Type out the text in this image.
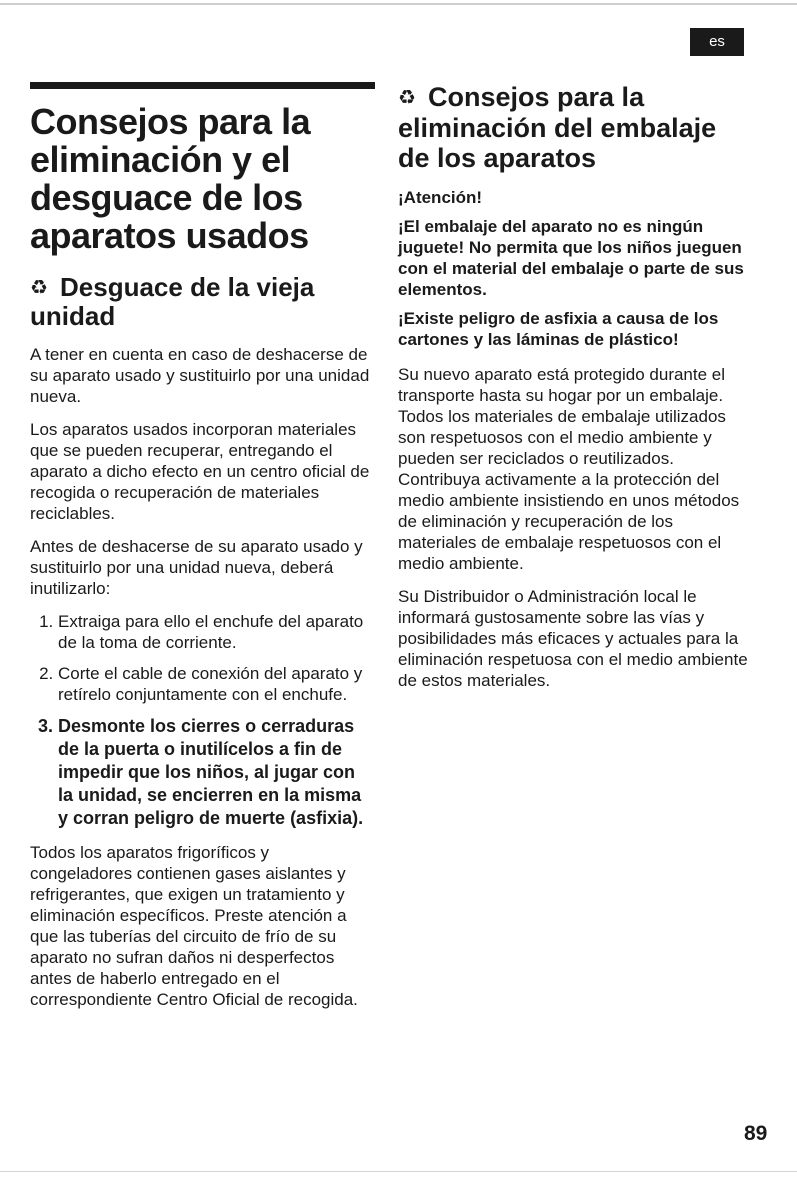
es
Consejos para la eliminación y el desguace de los aparatos usados
♻ Desguace de la vieja unidad

A tener en cuenta en caso de deshacerse de su aparato usado y sustituirlo por una unidad nueva.

Los aparatos usados incorporan materiales que se pueden recuperar, entregando el aparato a dicho efecto en un centro oficial de recogida o recuperación de materiales reciclables.

Antes de deshacerse de su aparato usado y sustituirlo por una unidad nueva, deberá inutilizarlo:

1. Extraiga para ello el enchufe del aparato de la toma de corriente.
2. Corte el cable de conexión del aparato y retírelo conjuntamente con el enchufe.
3. Desmonte los cierres o cerraduras de la puerta o inutilícelos a fin de impedir que los niños, al jugar con la unidad, se encierren en la misma y corran peligro de muerte (asfixia).

Todos los aparatos frigoríficos y congeladores contienen gases aislantes y refrigerantes, que exigen un tratamiento y eliminación específicos. Preste atención a que las tuberías del circuito de frío de su aparato no sufran daños ni desperfectos antes de haberlo entregado en el correspondiente Centro Oficial de recogida.

♻ Consejos para la eliminación del embalaje de los aparatos

¡Atención!

¡El embalaje del aparato no es ningún juguete! No permita que los niños jueguen con el material del embalaje o parte de sus elementos.

¡Existe peligro de asfixia a causa de los cartones y las láminas de plástico!

Su nuevo aparato está protegido durante el transporte hasta su hogar por un embalaje. Todos los materiales de embalaje utilizados son respetuosos con el medio ambiente y pueden ser reciclados o reutilizados. Contribuya activamente a la protección del medio ambiente insistiendo en unos métodos de eliminación y recuperación de los materiales de embalaje respetuosos con el medio ambiente.

Su Distribuidor o Administración local le informará gustosamente sobre las vías y posibilidades más eficaces y actuales para la eliminación respetuosa con el medio ambiente de estos materiales.

89
